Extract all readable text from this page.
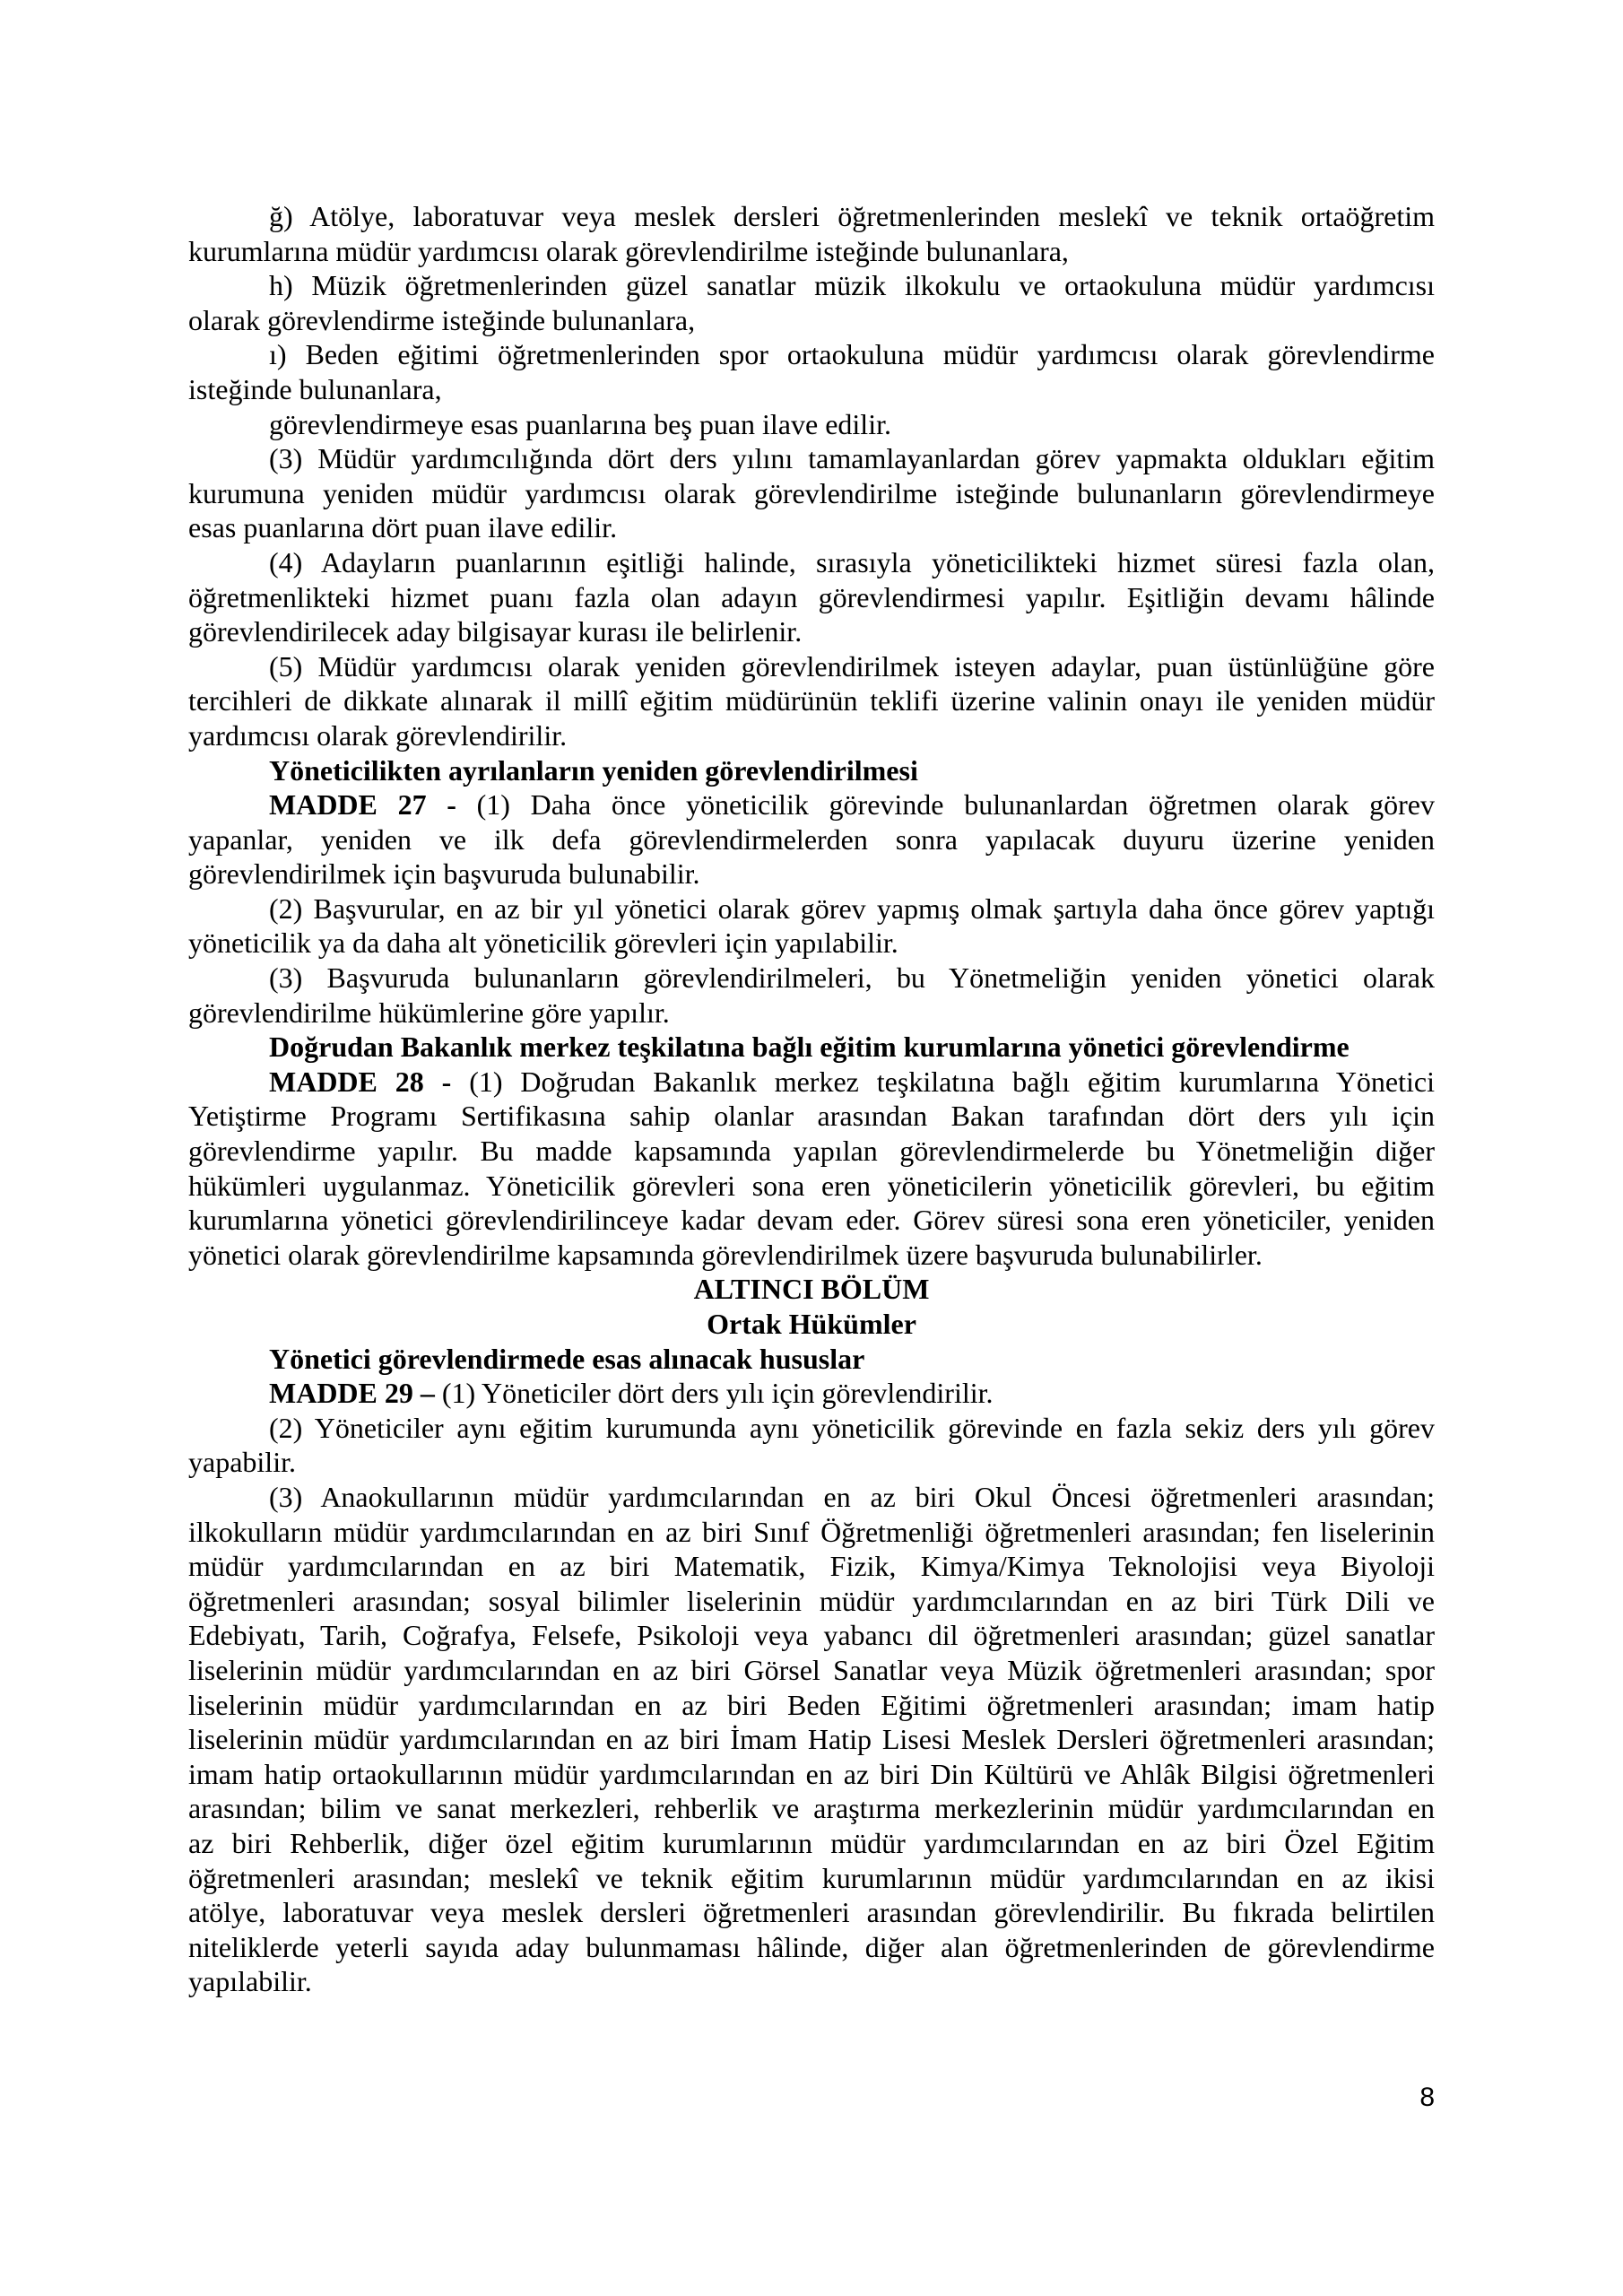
ğ) Atölye, laboratuvar veya meslek dersleri öğretmenlerinden meslekî ve teknik ortaöğretim
kurumlarına müdür yardımcısı olarak görevlendirilme isteğinde bulunanlara,
h) Müzik öğretmenlerinden güzel sanatlar müzik ilkokulu ve ortaokuluna müdür yardımcısı
olarak görevlendirme isteğinde bulunanlara,
ı) Beden eğitimi öğretmenlerinden spor ortaokuluna müdür yardımcısı olarak görevlendirme
isteğinde bulunanlara,
görevlendirmeye esas puanlarına beş puan ilave edilir.
(3) Müdür yardımcılığında dört ders yılını tamamlayanlardan görev yapmakta oldukları eğitim
kurumuna yeniden müdür yardımcısı olarak görevlendirilme isteğinde bulunanların görevlendirmeye
esas puanlarına dört puan ilave edilir.
(4) Adayların puanlarının eşitliği halinde, sırasıyla yöneticilikteki hizmet süresi fazla olan,
öğretmenlikteki hizmet puanı fazla olan adayın görevlendirmesi yapılır. Eşitliğin devamı hâlinde
görevlendirilecek aday bilgisayar kurası ile belirlenir.
(5) Müdür yardımcısı olarak yeniden görevlendirilmek isteyen adaylar, puan üstünlüğüne göre
tercihleri de dikkate alınarak il millî eğitim müdürünün teklifi üzerine valinin onayı ile yeniden müdür
yardımcısı olarak görevlendirilir.
Yöneticilikten ayrılanların yeniden görevlendirilmesi
MADDE 27 - (1) Daha önce yöneticilik görevinde bulunanlardan öğretmen olarak görev
yapanlar, yeniden ve ilk defa görevlendirmelerden sonra yapılacak duyuru üzerine yeniden
görevlendirilmek için başvuruda bulunabilir.
(2) Başvurular, en az bir yıl yönetici olarak görev yapmış olmak şartıyla daha önce görev yaptığı
yöneticilik ya da daha alt yöneticilik görevleri için yapılabilir.
(3) Başvuruda bulunanların görevlendirilmeleri, bu Yönetmeliğin yeniden yönetici olarak
görevlendirilme hükümlerine göre yapılır.
Doğrudan Bakanlık merkez teşkilatına bağlı eğitim kurumlarına yönetici görevlendirme
MADDE 28 - (1) Doğrudan Bakanlık merkez teşkilatına bağlı eğitim kurumlarına Yönetici
Yetiştirme Programı Sertifikasına sahip olanlar arasından Bakan tarafından dört ders yılı için
görevlendirme yapılır. Bu madde kapsamında yapılan görevlendirmelerde bu Yönetmeliğin diğer
hükümleri uygulanmaz. Yöneticilik görevleri sona eren yöneticilerin yöneticilik görevleri, bu eğitim
kurumlarına yönetici görevlendirilinceye kadar devam eder. Görev süresi sona eren yöneticiler, yeniden
yönetici olarak görevlendirilme kapsamında görevlendirilmek üzere başvuruda bulunabilirler.
ALTINCI BÖLÜM
Ortak Hükümler
Yönetici görevlendirmede esas alınacak hususlar
MADDE 29 – (1) Yöneticiler dört ders yılı için görevlendirilir.
(2) Yöneticiler aynı eğitim kurumunda aynı yöneticilik görevinde en fazla sekiz ders yılı görev
yapabilir.
(3) Anaokullarının müdür yardımcılarından en az biri Okul Öncesi öğretmenleri arasından;
ilkokulların müdür yardımcılarından en az biri Sınıf Öğretmenliği öğretmenleri arasından; fen liselerinin
müdür yardımcılarından en az biri Matematik, Fizik, Kimya/Kimya Teknolojisi veya Biyoloji
öğretmenleri arasından; sosyal bilimler liselerinin müdür yardımcılarından en az biri Türk Dili ve
Edebiyatı, Tarih, Coğrafya, Felsefe, Psikoloji veya yabancı dil öğretmenleri arasından; güzel sanatlar
liselerinin müdür yardımcılarından en az biri Görsel Sanatlar veya Müzik öğretmenleri arasından; spor
liselerinin müdür yardımcılarından en az biri Beden Eğitimi öğretmenleri arasından; imam hatip
liselerinin müdür yardımcılarından en az biri İmam Hatip Lisesi Meslek Dersleri öğretmenleri arasından;
imam hatip ortaokullarının müdür yardımcılarından en az biri Din Kültürü ve Ahlâk Bilgisi öğretmenleri
arasından; bilim ve sanat merkezleri, rehberlik ve araştırma merkezlerinin müdür yardımcılarından en
az biri Rehberlik, diğer özel eğitim kurumlarının müdür yardımcılarından en az biri Özel Eğitim
öğretmenleri arasından; meslekî ve teknik eğitim kurumlarının müdür yardımcılarından en az ikisi
atölye, laboratuvar veya meslek dersleri öğretmenleri arasından görevlendirilir. Bu fıkrada belirtilen
niteliklerde yeterli sayıda aday bulunmaması hâlinde, diğer alan öğretmenlerinden de görevlendirme
yapılabilir.
8
